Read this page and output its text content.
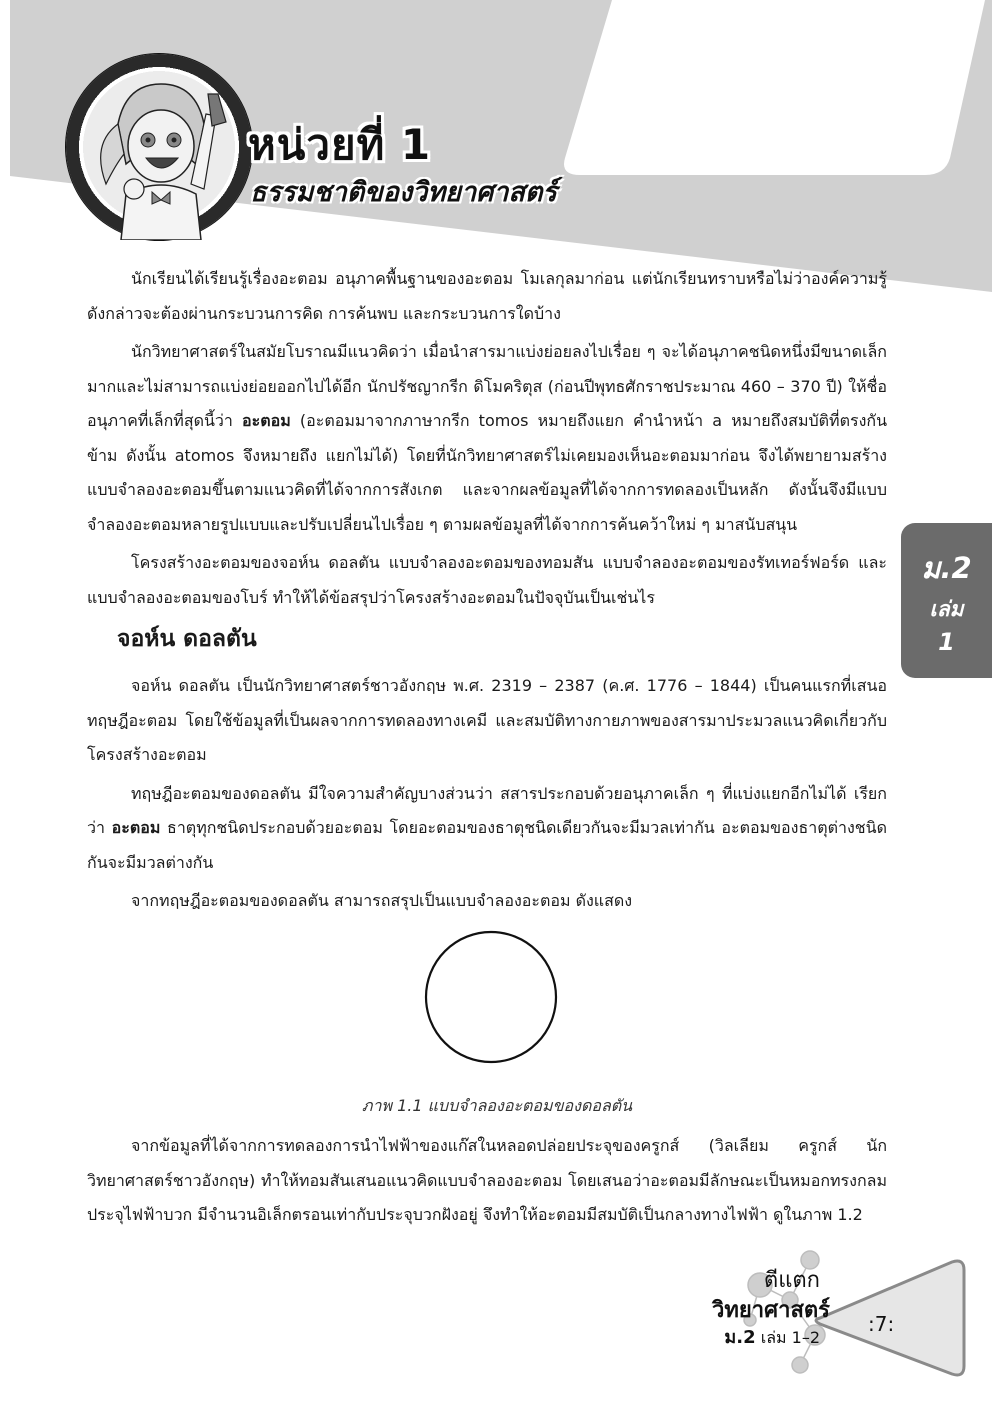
หน่วยที่ 1
ธรรมชาติของวิทยาศาสตร์
ม.2
เล่ม
1

นักเรียนได้เรียนรู้เรื่องอะตอม อนุภาคพื้นฐานของอะตอม โมเลกุลมาก่อน แต่นักเรียนทราบหรือไม่ว่าองค์ความรู้ดังกล่าวจะต้องผ่านกระบวนการคิด การค้นพบ และกระบวนการใดบ้าง

นักวิทยาศาสตร์ในสมัยโบราณมีแนวคิดว่า เมื่อนำสารมาแบ่งย่อยลงไปเรื่อย ๆ จะได้อนุภาคชนิดหนึ่งมีขนาดเล็กมากและไม่สามารถแบ่งย่อยออกไปได้อีก นักปรัชญากรีก ดิโมคริตุส (ก่อนปีพุทธศักราชประมาณ 460 – 370 ปี) ให้ชื่ออนุภาคที่เล็กที่สุดนี้ว่า อะตอม (อะตอมมาจากภาษากรีก tomos หมายถึงแยก คำนำหน้า a หมายถึงสมบัติที่ตรงกันข้าม ดังนั้น atomos จึงหมายถึง แยกไม่ได้) โดยที่นักวิทยาศาสตร์ไม่เคยมองเห็นอะตอมมาก่อน จึงได้พยายามสร้างแบบจำลองอะตอมขึ้นตามแนวคิดที่ได้จากการสังเกต และจากผลข้อมูลที่ได้จากการทดลองเป็นหลัก ดังนั้นจึงมีแบบจำลองอะตอมหลายรูปแบบและปรับเปลี่ยนไปเรื่อย ๆ ตามผลข้อมูลที่ได้จากการค้นคว้าใหม่ ๆ มาสนับสนุน

โครงสร้างอะตอมของจอห์น ดอลตัน แบบจำลองอะตอมของทอมสัน แบบจำลองอะตอมของรัทเทอร์ฟอร์ด และแบบจำลองอะตอมของโบร์ ทำให้ได้ข้อสรุปว่าโครงสร้างอะตอมในปัจจุบันเป็นเช่นไร

จอห์น ดอลตัน

จอห์น ดอลตัน เป็นนักวิทยาศาสตร์ชาวอังกฤษ พ.ศ. 2319 – 2387 (ค.ศ. 1776 – 1844) เป็นคนแรกที่เสนอทฤษฎีอะตอม โดยใช้ข้อมูลที่เป็นผลจากการทดลองทางเคมี และสมบัติทางกายภาพของสารมาประมวลแนวคิดเกี่ยวกับโครงสร้างอะตอม

ทฤษฎีอะตอมของดอลตัน มีใจความสำคัญบางส่วนว่า สสารประกอบด้วยอนุภาคเล็ก ๆ ที่แบ่งแยกอีกไม่ได้ เรียกว่า อะตอม ธาตุทุกชนิดประกอบด้วยอะตอม โดยอะตอมของธาตุชนิดเดียวกันจะมีมวลเท่ากัน อะตอมของธาตุต่างชนิดกันจะมีมวลต่างกัน

จากทฤษฎีอะตอมของดอลตัน สามารถสรุปเป็นแบบจำลองอะตอม ดังแสดง

ภาพ 1.1 แบบจำลองอะตอมของดอลตัน

จากข้อมูลที่ได้จากการทดลองการนำไฟฟ้าของแก๊สในหลอดปล่อยประจุของครูกส์ (วิลเลียม ครูกส์ นักวิทยาศาสตร์ชาวอังกฤษ) ทำให้ทอมสันเสนอแนวคิดแบบจำลองอะตอม โดยเสนอว่าอะตอมมีลักษณะเป็นหมอกทรงกลมประจุไฟฟ้าบวก มีจำนวนอิเล็กตรอนเท่ากับประจุบวกฝังอยู่ จึงทำให้อะตอมมีสมบัติเป็นกลางทางไฟฟ้า ดูในภาพ 1.2

ตีแตก
วิทยาศาสตร์
ม.2 เล่ม 1–2
:7:
